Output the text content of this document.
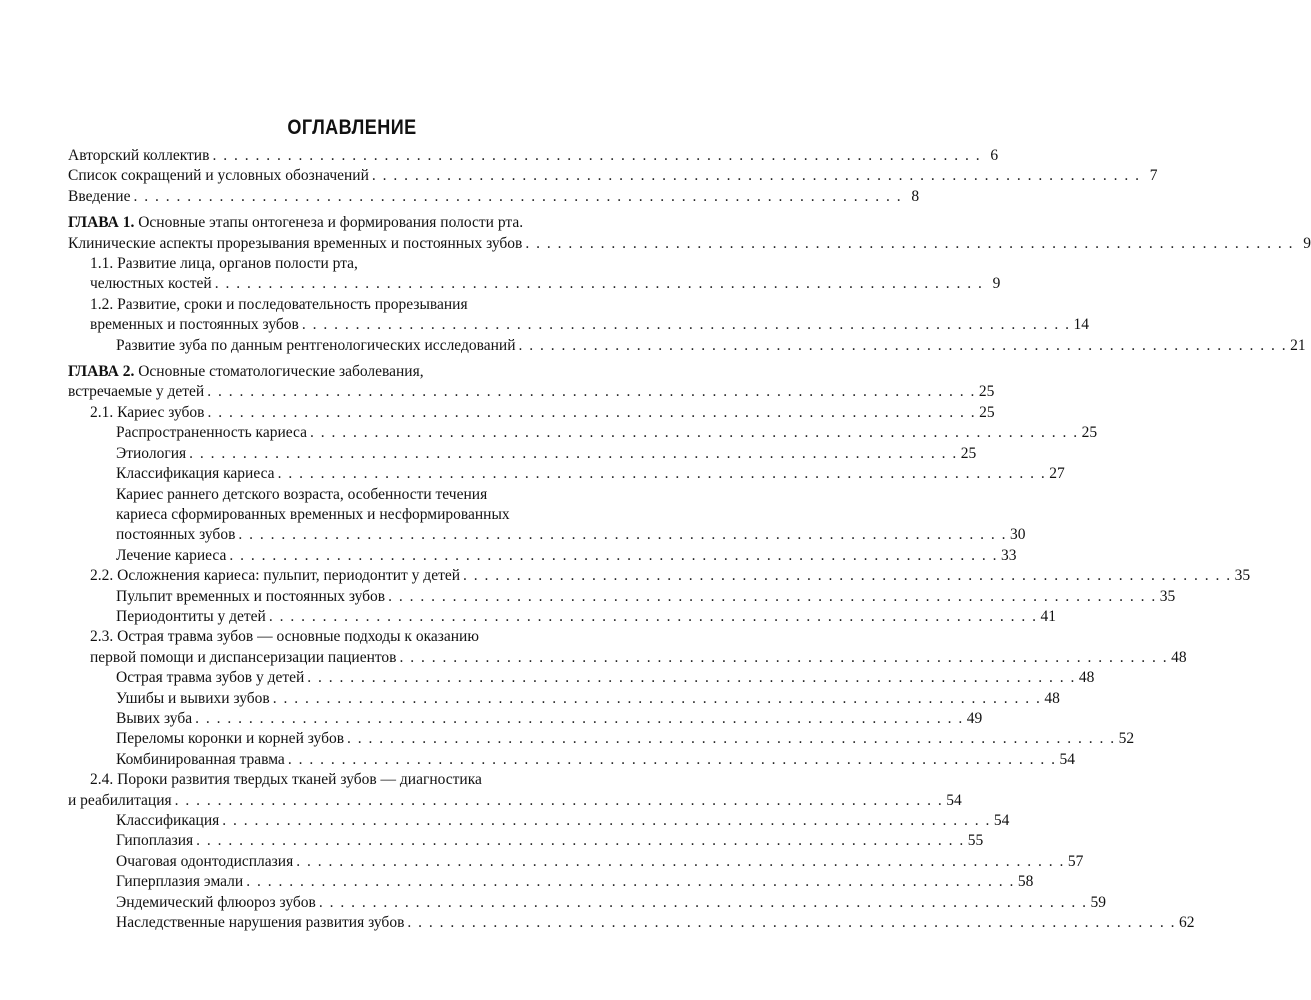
ОГЛАВЛЕНИЕ
Авторский коллектив . . . . . . . . . . . . . . . . . . . . . . . . . . . . . . . . . . . . . . . . . . . . . . . . . . . . . . . . . . . . . . . . . . . . . . . . 6
Список сокращений и условных обозначений . . . . . . . . . . . . . . . . . . . . . . . . . . . . . . . . . . . . . . . . . . . . . . . . . . . . . . . . . . . . . . . . . . . . . . . . 7
Введение . . . . . . . . . . . . . . . . . . . . . . . . . . . . . . . . . . . . . . . . . . . . . . . . . . . . . . . . . . . . . . . . . . . . . . . . 8
ГЛАВА 1. Основные этапы онтогенеза и формирования полости рта.
Клинические аспекты прорезывания временных и постоянных зубов . . . . . . . . . . . . . . . . . . . . . . . . . . . . . . . . . . . . . . . . . . . . . . . . . . . . . . . . . . . . . . . . . . . . . . . . 9
1.1. Развитие лица, органов полости рта,
челюстных костей . . . . . . . . . . . . . . . . . . . . . . . . . . . . . . . . . . . . . . . . . . . . . . . . . . . . . . . . . . . . . . . . . . . . . . . . 9
1.2. Развитие, сроки и последовательность прорезывания
временных и постоянных зубов . . . . . . . . . . . . . . . . . . . . . . . . . . . . . . . . . . . . . . . . . . . . . . . . . . . . . . . . . . . . . . . . . . . . . . . . 14
Развитие зуба по данным рентгенологических исследований . . . . . . . . . . . . . . . . . . . . . . . . . . . . . . . . . . . . . . . . . . . . . . . . . . . . . . . . . . . . . . . . . . . . . . . . 21
ГЛАВА 2. Основные стоматологические заболевания,
встречаемые у детей . . . . . . . . . . . . . . . . . . . . . . . . . . . . . . . . . . . . . . . . . . . . . . . . . . . . . . . . . . . . . . . . . . . . . . . . 25
2.1. Кариес зубов . . . . . . . . . . . . . . . . . . . . . . . . . . . . . . . . . . . . . . . . . . . . . . . . . . . . . . . . . . . . . . . . . . . . . . . . 25
Распространенность кариеса . . . . . . . . . . . . . . . . . . . . . . . . . . . . . . . . . . . . . . . . . . . . . . . . . . . . . . . . . . . . . . . . . . . . . . . . 25
Этиология . . . . . . . . . . . . . . . . . . . . . . . . . . . . . . . . . . . . . . . . . . . . . . . . . . . . . . . . . . . . . . . . . . . . . . . . 25
Классификация кариеса . . . . . . . . . . . . . . . . . . . . . . . . . . . . . . . . . . . . . . . . . . . . . . . . . . . . . . . . . . . . . . . . . . . . . . . . 27
Кариес раннего детского возраста, особенности течения
кариеса сформированных временных и несформированных
постоянных зубов . . . . . . . . . . . . . . . . . . . . . . . . . . . . . . . . . . . . . . . . . . . . . . . . . . . . . . . . . . . . . . . . . . . . . . . . 30
Лечение кариеса . . . . . . . . . . . . . . . . . . . . . . . . . . . . . . . . . . . . . . . . . . . . . . . . . . . . . . . . . . . . . . . . . . . . . . . . 33
2.2. Осложнения кариеса: пульпит, периодонтит у детей . . . . . . . . . . . . . . . . . . . . . . . . . . . . . . . . . . . . . . . . . . . . . . . . . . . . . . . . . . . . . . . . . . . . . . . . 35
Пульпит временных и постоянных зубов . . . . . . . . . . . . . . . . . . . . . . . . . . . . . . . . . . . . . . . . . . . . . . . . . . . . . . . . . . . . . . . . . . . . . . . . 35
Периодонтиты у детей . . . . . . . . . . . . . . . . . . . . . . . . . . . . . . . . . . . . . . . . . . . . . . . . . . . . . . . . . . . . . . . . . . . . . . . . 41
2.3. Острая травма зубов — основные подходы к оказанию
первой помощи и диспансеризации пациентов . . . . . . . . . . . . . . . . . . . . . . . . . . . . . . . . . . . . . . . . . . . . . . . . . . . . . . . . . . . . . . . . . . . . . . . . 48
Острая травма зубов у детей . . . . . . . . . . . . . . . . . . . . . . . . . . . . . . . . . . . . . . . . . . . . . . . . . . . . . . . . . . . . . . . . . . . . . . . . 48
Ушибы и вывихи зубов . . . . . . . . . . . . . . . . . . . . . . . . . . . . . . . . . . . . . . . . . . . . . . . . . . . . . . . . . . . . . . . . . . . . . . . . 48
Вывих зуба . . . . . . . . . . . . . . . . . . . . . . . . . . . . . . . . . . . . . . . . . . . . . . . . . . . . . . . . . . . . . . . . . . . . . . . . 49
Переломы коронки и корней зубов . . . . . . . . . . . . . . . . . . . . . . . . . . . . . . . . . . . . . . . . . . . . . . . . . . . . . . . . . . . . . . . . . . . . . . . . 52
Комбинированная травма . . . . . . . . . . . . . . . . . . . . . . . . . . . . . . . . . . . . . . . . . . . . . . . . . . . . . . . . . . . . . . . . . . . . . . . . 54
2.4. Пороки развития твердых тканей зубов — диагностика
и реабилитация . . . . . . . . . . . . . . . . . . . . . . . . . . . . . . . . . . . . . . . . . . . . . . . . . . . . . . . . . . . . . . . . . . . . . . . . 54
Классификация . . . . . . . . . . . . . . . . . . . . . . . . . . . . . . . . . . . . . . . . . . . . . . . . . . . . . . . . . . . . . . . . . . . . . . . . 54
Гипоплазия . . . . . . . . . . . . . . . . . . . . . . . . . . . . . . . . . . . . . . . . . . . . . . . . . . . . . . . . . . . . . . . . . . . . . . . . 55
Очаговая одонтодисплазия . . . . . . . . . . . . . . . . . . . . . . . . . . . . . . . . . . . . . . . . . . . . . . . . . . . . . . . . . . . . . . . . . . . . . . . . 57
Гиперплазия эмали . . . . . . . . . . . . . . . . . . . . . . . . . . . . . . . . . . . . . . . . . . . . . . . . . . . . . . . . . . . . . . . . . . . . . . . . 58
Эндемический флюороз зубов . . . . . . . . . . . . . . . . . . . . . . . . . . . . . . . . . . . . . . . . . . . . . . . . . . . . . . . . . . . . . . . . . . . . . . . . 59
Наследственные нарушения развития зубов . . . . . . . . . . . . . . . . . . . . . . . . . . . . . . . . . . . . . . . . . . . . . . . . . . . . . . . . . . . . . . . . . . . . . . . . 62
